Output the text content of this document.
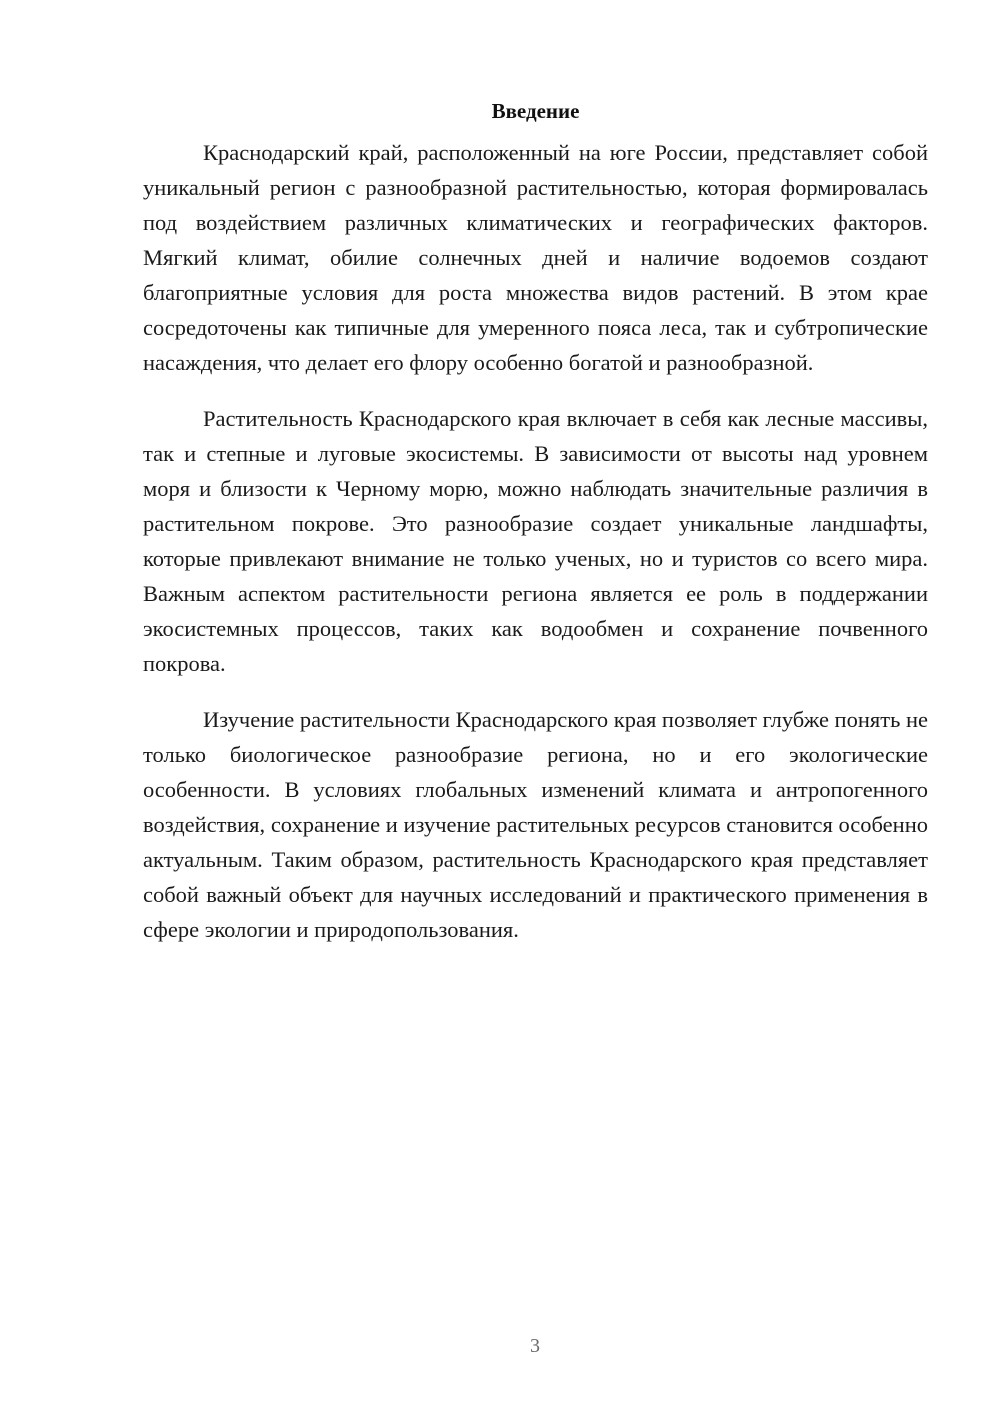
Введение

Краснодарский край, расположенный на юге России, представляет собой уникальный регион с разнообразной растительностью, которая формировалась под воздействием различных климатических и географических факторов. Мягкий климат, обилие солнечных дней и наличие водоемов создают благоприятные условия для роста множества видов растений. В этом крае сосредоточены как типичные для умеренного пояса леса, так и субтропические насаждения, что делает его флору особенно богатой и разнообразной.

Растительность Краснодарского края включает в себя как лесные массивы, так и степные и луговые экосистемы. В зависимости от высоты над уровнем моря и близости к Черному морю, можно наблюдать значительные различия в растительном покрове. Это разнообразие создает уникальные ландшафты, которые привлекают внимание не только ученых, но и туристов со всего мира. Важным аспектом растительности региона является ее роль в поддержании экосистемных процессов, таких как водообмен и сохранение почвенного покрова.

Изучение растительности Краснодарского края позволяет глубже понять не только биологическое разнообразие региона, но и его экологические особенности. В условиях глобальных изменений климата и антропогенного воздействия, сохранение и изучение растительных ресурсов становится особенно актуальным. Таким образом, растительность Краснодарского края представляет собой важный объект для научных исследований и практического применения в сфере экологии и природопользования.

3
